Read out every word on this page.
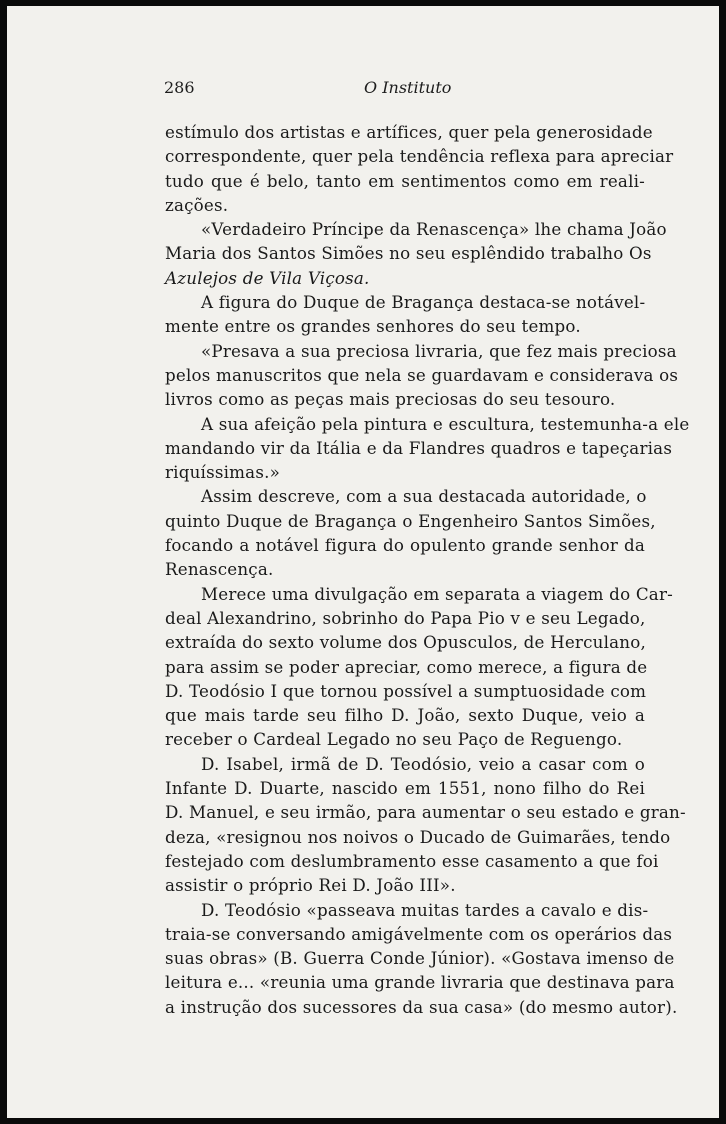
286	O Instituto
estímulo dos artistas e artífices, quer pela generosidade
correspondente, quer pela tendência reflexa para apreciar
tudo que é belo, tanto em sentimentos como em reali-
zações.
«Verdadeiro Príncipe da Renascença» lhe chama João
Maria dos Santos Simões no seu esplêndido trabalho Os
Azulejos de Vila Viçosa.
A figura do Duque de Bragança destaca-se notável-
mente entre os grandes senhores do seu tempo.
«Presava a sua preciosa livraria, que fez mais preciosa
pelos manuscritos que nela se guardavam e considerava os
livros como as peças mais preciosas do seu tesouro.
A sua afeição pela pintura e escultura, testemunha-a ele
mandando vir da Itália e da Flandres quadros e tapeçarias
riquíssimas.»
Assim descreve, com a sua destacada autoridade, o
quinto Duque de Bragança o Engenheiro Santos Simões,
focando a notável figura do opulento grande senhor da
Renascença.
Merece uma divulgação em separata a viagem do Car-
deal Alexandrino, sobrinho do Papa Pio v e seu Legado,
extraída do sexto volume dos Opusculos, de Herculano,
para assim se poder apreciar, como merece, a figura de
D. Teodósio I que tornou possível a sumptuosidade com
que mais tarde seu filho D. João, sexto Duque, veio a
receber o Cardeal Legado no seu Paço de Reguengo.
D. Isabel, irmã de D. Teodósio, veio a casar com o
Infante D. Duarte, nascido em 1551, nono filho do Rei
D. Manuel, e seu irmão, para aumentar o seu estado e gran-
deza, «resignou nos noivos o Ducado de Guimarães, tendo
festejado com deslumbramento esse casamento a que foi
assistir o próprio Rei D. João III».
D. Teodósio «passeava muitas tardes a cavalo e dis-
traia-se conversando amigávelmente com os operários das
suas obras» (B. Guerra Conde Júnior). «Gostava imenso de
leitura e... «reunia uma grande livraria que destinava para
a instrução dos sucessores da sua casa» (do mesmo autor).
